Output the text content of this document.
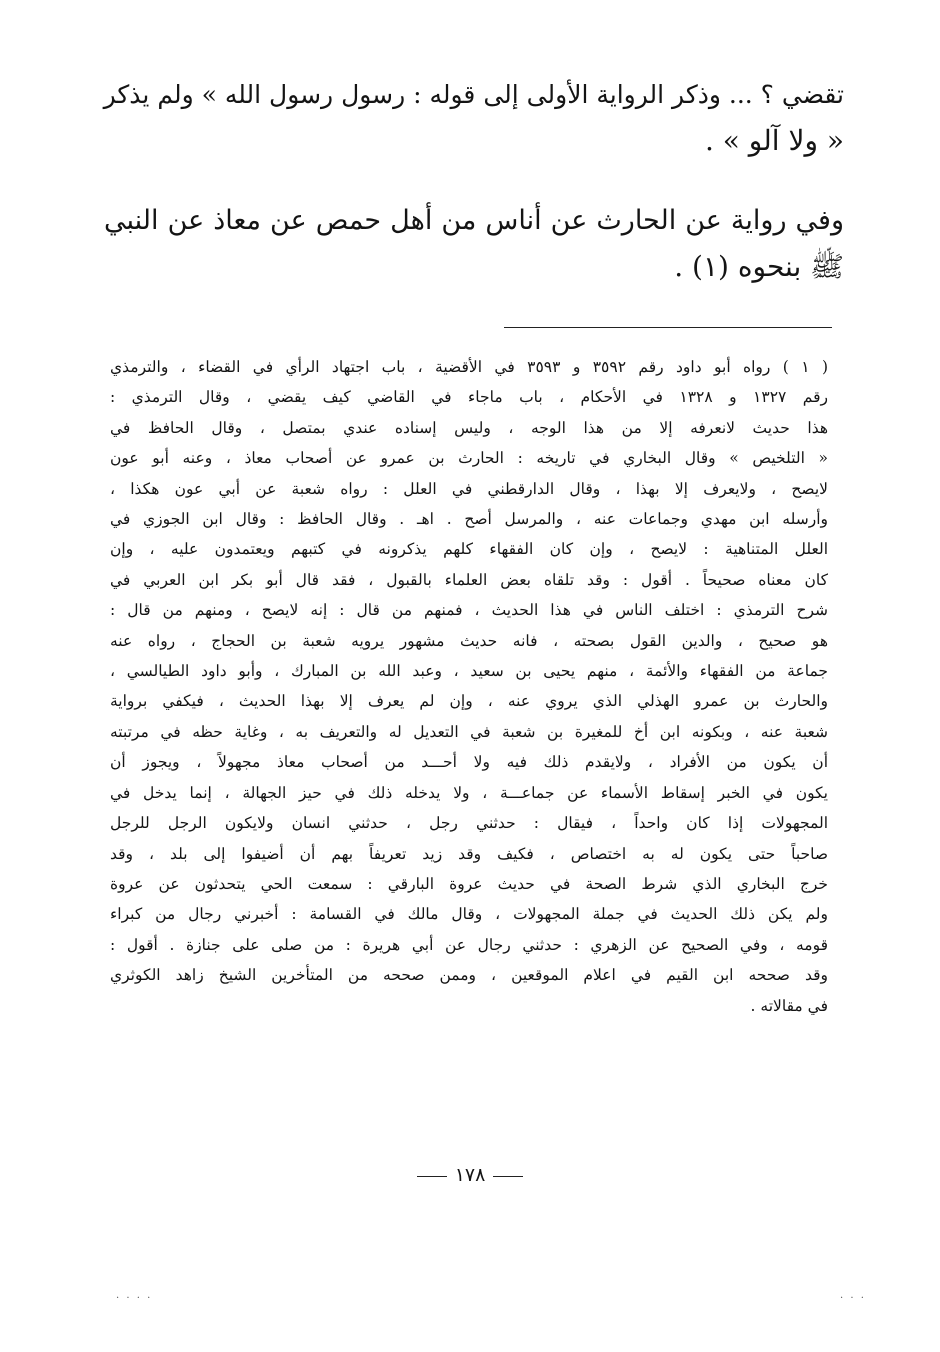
تقضي ؟ ... وذكر الرواية الأولى إلى قوله : رسول رسول الله » ولم يذكر
« ولا آلو » .
وفي رواية عن الحارث عن أناس من أهل حمص عن معاذ عن النبي
ﷺ بنحوه (١) .
( ١ ) رواه أبو داود رقم ٣٥٩٢ و ٣٥٩٣ في الأقضية ، باب اجتهاد الرأي في القضاء ، والترمذي
رقم ١٣٢٧ و ١٣٢٨ في الأحكام ، باب ماجاء في القاضي كيف يقضي ، وقال الترمذي :
هذا حديث لانعرفه إلا من هذا الوجه ، وليس إسناده عندي بمتصل ، وقال الحافظ في
« التلخيص » وقال البخاري في تاريخه : الحارث بن عمرو عن أصحاب معاذ ، وعنه أبو عون
لايصح ، ولايعرف إلا بهذا ، وقال الدارقطني في العلل : رواه شعبة عن أبي عون هكذا ،
وأرسله ابن مهدي وجماعات عنه ، والمرسل أصح . اهـ . وقال الحافظ : وقال ابن الجوزي في
العلل المتناهية : لايصح ، وإن كان الفقهاء كلهم يذكرونه في كتبهم ويعتمدون عليه ، وإن
كان معناه صحيحاً . أقول : وقد تلقاه بعض العلماء بالقبول ، فقد قال أبو بكر ابن العربي في
شرح الترمذي : اختلف الناس في هذا الحديث ، فمنهم من قال : إنه لايصح ، ومنهم من قال :
هو صحيح ، والدين القول بصحته ، فانه حديث مشهور يرويه شعبة بن الحجاج ، رواه عنه
جماعة من الفقهاء والأئمة ، منهم يحيى بن سعيد ، وعبد الله بن المبارك ، وأبو داود الطيالسي ،
والحارث بن عمرو الهذلي الذي يروي عنه ، وإن لم يعرف إلا بهذا الحديث ، فيكفي برواية
شعبة عنه ، وبكونه ابن أخ للمغيرة بن شعبة في التعديل له والتعريف به ، وغاية حظه في مرتبته
أن يكون من الأفراد ، ولايقدم ذلك فيه ولا أحـــد من أصحاب معاذ مجهولاً ، ويجوز أن
يكون في الخبر إسقاط الأسماء عن جماعـــة ، ولا يدخله ذلك في حيز الجهالة ، إنما يدخل في
المجهولات إذا كان واحداً ، فيقال : حدثني رجل ، حدثني انسان ولايكون الرجل للرجل
صاحباً حتى يكون له به اختصاص ، فكيف وقد زيد تعريفاً بهم أن أضيفوا إلى بلد ، وقد
خرج البخاري الذي شرط الصحة في حديث عروة البارقي : سمعت الحي يتحدثون عن عروة
ولم يكن ذلك الحديث في جملة المجهولات ، وقال مالك في القسامة : أخبرني رجال من كبراء
قومه ، وفي الصحيح عن الزهري : حدثني رجال عن أبي هريرة : من صلى على جنازة . أقول :
وقد صححه ابن القيم في اعلام الموقعين ، وممن صححه من المتأخرين الشيخ زاهد الكوثري
في مقالاته .
١٧٨
. . . .	. . .
